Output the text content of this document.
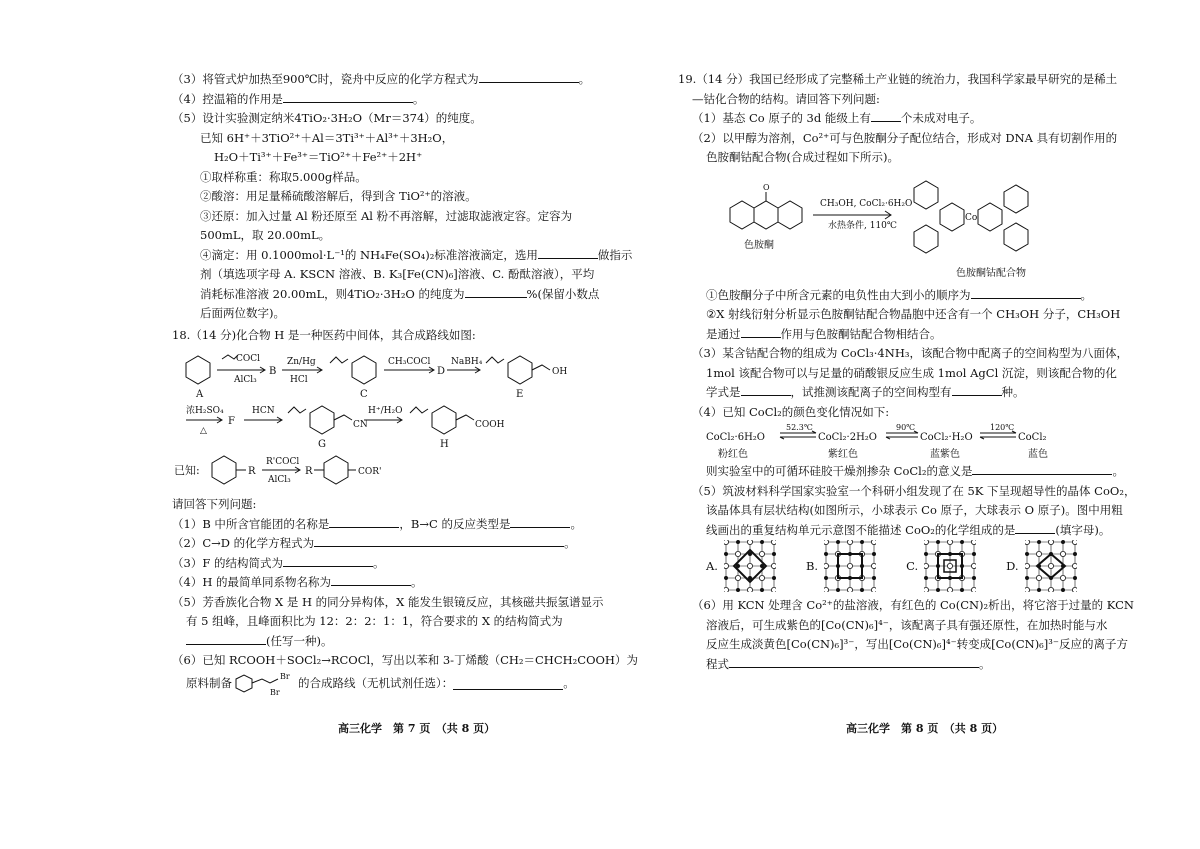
（3）将管式炉加热至900℃时，瓷舟中反应的化学方程式为	。
（4）控温箱的作用是	。
（5）设计实验测定纳米4TiO₂·3H₂O（Mr＝374）的纯度。
已知 6H⁺＋3TiO²⁺＋Al＝3Ti³⁺＋Al³⁺＋3H₂O，
H₂O＋Ti³⁺＋Fe³⁺＝TiO²⁺＋Fe²⁺＋2H⁺
①取样称重：称取5.000g样品。
②酸溶：用足量稀硫酸溶解后，得到含 TiO²⁺的溶液。
③还原：加入过量 Al 粉还原至 Al 粉不再溶解，过滤取滤液定容。定容为
500mL，取 20.00mL。
④滴定：用 0.1000mol·L⁻¹的 NH₄Fe(SO₄)₂标准溶液滴定，选用	做指示
剂（填选项字母 A. KSCN 溶液、B. K₃[Fe(CN)₆]溶液、C. 酚酞溶液），平均
消耗标准溶液 20.00mL，则4TiO₂·3H₂O 的纯度为	%(保留小数点
后面两位数字)。
18.（14 分)化合物 H 是一种医药中间体，其合成路线如图:
COCl
AlCl₃
B
Zn/Hg
HCl
A	C
CH₃COCl
D
NaBH₄
OH
E
浓H₂SO₄
△
F
HCN
CN
G
H⁺/H₂O
COOH
H
已知:	R
R'COCl
AlCl₃
R	COR'
请回答下列问题:
（1）B 中所含官能团的名称是	，B→C 的反应类型是	。
（2）C→D 的化学方程式为	。
（3）F 的结构简式为	。
（4）H 的最简单同系物名称为	。
（5）芳香族化合物 X 是 H 的同分异构体，X 能发生银镜反应，其核磁共振氢谱显示
有 5 组峰，且峰面积比为 12：2：2：1：1，符合要求的 X 的结构简式为
(任写一种)。
（6）已知 RCOOH＋SOCl₂→RCOCl，写出以苯和 3-丁烯酸（CH₂＝CHCH₂COOH）为
原料制备	Br
Br
的合成路线（无机试剂任选）：	。
高三化学　第 7 页　（共 8 页）
19.（14 分）我国已经形成了完整稀土产业链的统治力，我国科学家最早研究的是稀土
—钴化合物的结构。请回答下列问题:
（1）基态 Co 原子的 3d 能级上有	个未成对电子。
（2）以甲醇为溶剂，Co²⁺可与色胺酮分子配位结合，形成对 DNA 具有切割作用的
色胺酮钴配合物(合成过程如下所示)。
O
色胺酮
CH₃OH, CoCl₂·6H₂O
水热条件, 110℃
Co
色胺酮钴配合物
①色胺酮分子中所含元素的电负性由大到小的顺序为	。
②X 射线衍射分析显示色胺酮钴配合物晶胞中还含有一个 CH₃OH 分子，CH₃OH
是通过	作用与色胺酮钴配合物相结合。
（3）某含钴配合物的组成为 CoCl₃·4NH₃，该配合物中配离子的空间构型为八面体，
1mol 该配合物可以与足量的硝酸银反应生成 1mol AgCl 沉淀，则该配合物的化
学式是	，试推测该配离子的空间构型有	种。
（4）已知 CoCl₂的颜色变化情况如下:
CoCl₂·6H₂O	CoCl₂·2H₂O	CoCl₂·H₂O	CoCl₂
52.3℃	90℃	120℃
粉红色	紫红色	蓝紫色	蓝色
则实验室中的可循环硅胶干燥剂掺杂 CoCl₂的意义是	。
（5）筑波材料科学国家实验室一个科研小组发现了在 5K 下呈现超导性的晶体 CoO₂，
该晶体具有层状结构(如图所示，小球表示 Co 原子，大球表示 O 原子)。图中用粗
线画出的重复结构单元示意图不能描述 CoO₂的化学组成的是	(填字母)。
A.	B.	C.	D.
（6）用 KCN 处理含 Co²⁺的盐溶液，有红色的 Co(CN)₂析出，将它溶于过量的 KCN
溶液后，可生成紫色的[Co(CN)₆]⁴⁻，该配离子具有强还原性，在加热时能与水
反应生成淡黄色[Co(CN)₆]³⁻，写出[Co(CN)₆]⁴⁻转变成[Co(CN)₆]³⁻反应的离子方
程式	。
高三化学　第 8 页　（共 8 页）
